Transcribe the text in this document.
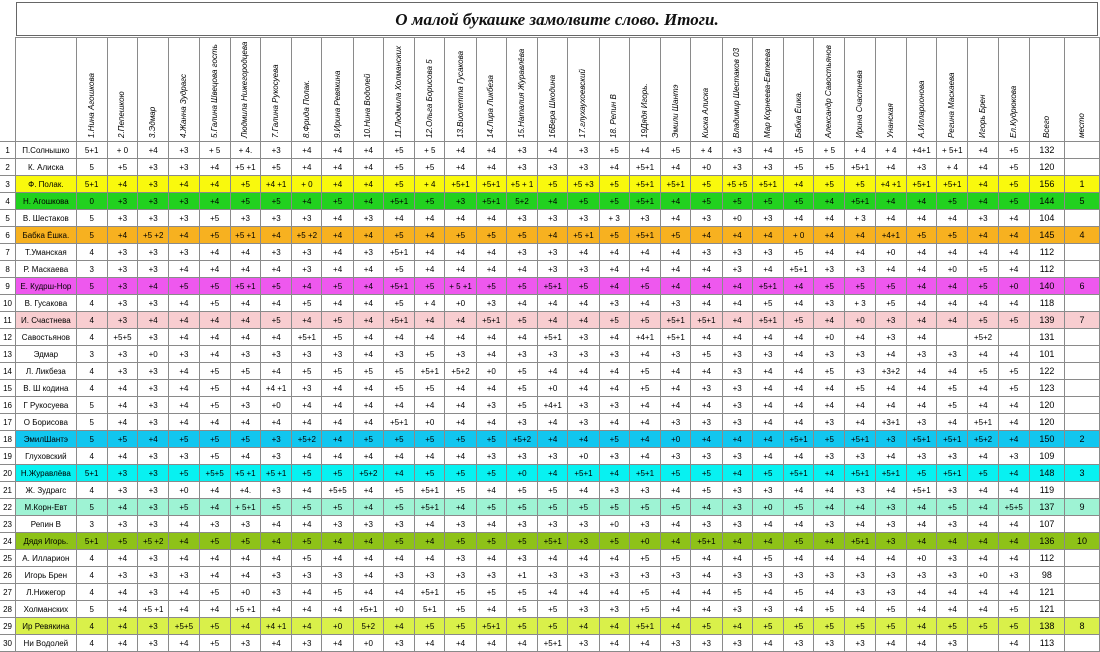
О малой букашке замолвите слово. Итоги.
		1.Нина Агошкова	2.Пепешкою	3.Эдмар	4.Жанна Зудрагс	5.Галина Швецова гость	Людмила Нижегородцева	7.Галина Рукосуева	8.Фрида Полак.	9.Ирина Ревякина	10.Нина Водолей	11.Людмила Холманских	12.Ольга Борисова 5	13.Виолетта Гусакова	14.Лира Ликбеза	15.Наталия Журавлёва	16Вера Шкодина	17.глухаухоевский	18. Репин В	19Дядя Игорь.	Эмили Шантэ	Киска Алиска	Владимир Шестаков 03	Мар Корнеева-Евтеева	Бабка Ёшка.	Александр Савостьянов	Ирина Счастнева	Унанская	А.Илларионова	Регина Маскаева	Игорь Брен	Ел.Кудрюкова	Всего	место
1	П.Солнышко	5+1	+ 0	+4	+3	+ 5	+ 4.	+3	+4	+4	+4	+5	+ 5	+4	+4	+3	+4	+3	+5	+4	+5	+ 4	+3	+4	+5	+ 5	+ 4	+ 4	+4+1	+ 5+1	+4	+5	132	
2	К. Алиска	5	+5	+3	+3	+4	+5 +1	+5	+4	+4	+4	+5	+5	+4	+4	+3	+3	+3	+4	+5+1	+4	+0	+3	+3	+5	+5	+5+1	+4	+3	+ 4	+4	+5	120	
3	Ф. Полак.	5+1	+4	+3	+4	+4	+5	+4 +1	+ 0	+4	+4	+5	+ 4	+5+1	+5+1	+5 + 1	+5	+5 +3	+5	+5+1	+5+1	+5	+5 +5	+5+1	+4	+5	+5	+4 +1	+5+1	+5+1	+4	+5	156	1
4	Н. Агошкова	0	+3	+3	+3	+4	+5	+5	+4	+5	+4	+5+1	+5	+3	+5+1	5+2	+4	+5	+5	+5+1	+4	+5	+5	+5	+5	+4	+5+1	+4	+4	+5	+4	+5	144	5
5	В. Шестаков	5	+3	+3	+3	+5	+3	+3	+3	+4	+3	+4	+4	+4	+4	+3	+3	+3	+ 3	+3	+4	+3	+0	+3	+4	+4	+ 3	+4	+4	+4	+3	+4	104	
6	Бабка Ёшка.	5	+4	+5 +2	+4	+5	+5 +1	+4	+5 +2	+4	+4	+5	+4	+5	+5	+5	+4	+5 +1	+5	+5+1	+5	+4	+4	+4	+ 0	+4	+4	+4+1	+5	+5	+4	+4	145	4
7	Т.Уманская	4	+3	+3	+3	+4	+4	+3	+3	+4	+3	+5+1	+4	+4	+4	+3	+3	+4	+4	+4	+4	+3	+3	+3	+5	+4	+4	+0	+4	+4	+4	+4	112	
8	Р. Маскаева	3	+3	+3	+4	+4	+4	+4	+3	+4	+4	+5	+4	+4	+4	+4	+3	+3	+4	+4	+4	+4	+3	+4	+5+1	+3	+3	+4	+4	+0	+5	+4	112	
9	Е. Кудрш-Нор	5	+3	+4	+5	+5	+5 +1	+5	+4	+5	+4	+5+1	+5	+ 5 +1	+5	+5	+5+1	+5	+4	+5	+4	+4	+4	+5+1	+4	+5	+5	+5	+4	+4	+5	+0	140	6
10	В. Гусакова	4	+3	+3	+4	+5	+4	+4	+5	+4	+4	+5	+ 4	+0	+3	+4	+4	+4	+3	+4	+3	+4	+4	+5	+4	+3	+ 3	+5	+4	+4	+4	+4	118	
11	И. Счастнева	4	+3	+4	+4	+4	+4	+5	+4	+5	+4	+5+1	+4	+4	+5+1	+5	+4	+4	+5	+5	+5+1	+5+1	+4	+5+1	+5	+4	+0	+3	+4	+4	+5	+5	139	7
12	Савостьянов	4	+5+5	+3	+4	+4	+4	+4	+5+1	+5	+4	+4	+4	+4	+4	+4	+5+1	+3	+4	+4+1	+5+1	+4	+4	+4	+4	+0	+4	+3	+4		+5+2		131	
13	Эдмар	3	+3	+0	+3	+4	+3	+3	+3	+3	+4	+3	+5	+3	+4	+3	+3	+3	+3	+4	+3	+5	+3	+3	+4	+3	+3	+4	+3	+3	+4	+4	101	
14	Л. Ликбеза	4	+3	+3	+4	+5	+5	+4	+5	+5	+5	+5	+5+1	+5+2	+0	+5	+4	+4	+4	+5	+4	+4	+3	+4	+4	+5	+3	+3+2	+4	+4	+5	+5	122	
15	В. Ш кодина	4	+4	+3	+4	+5	+4	+4 +1	+3	+4	+4	+5	+5	+4	+4	+5	+0	+4	+4	+5	+4	+3	+3	+4	+4	+4	+5	+4	+4	+5	+4	+5	123	
16	Г Рукосуева	5	+4	+3	+4	+5	+3	+0	+4	+4	+4	+4	+4	+4	+3	+5	+4+1	+3	+3	+4	+4	+4	+3	+4	+4	+4	+4	+4	+4	+5	+4	+4	120	
17	О Борисова	5	+4	+3	+4	+4	+4	+4	+4	+4	+4	+5+1	+0	+4	+4	+3	+4	+3	+4	+4	+3	+3	+3	+4	+4	+3	+4	+3+1	+3	+4	+5+1	+4	120	
18	ЭмилШантэ	5	+5	+4	+5	+5	+5	+3	+5+2	+4	+5	+5	+5	+5	+5	+5+2	+4	+4	+5	+4	+0	+4	+4	+4	+5+1	+5	+5+1	+3	+5+1	+5+1	+5+2	+4	150	2
19	Глуховский	4	+4	+3	+3	+5	+4	+3	+4	+4	+4	+4	+4	+4	+3	+3	+3	+0	+3	+4	+3	+3	+3	+4	+4	+3	+3	+4	+3	+3	+4	+3	109	
20	Н.Журавлёва	5+1	+3	+3	+5	+5+5	+5 +1	+5 +1	+5	+5	+5+2	+4	+5	+5	+5	+0	+4	+5+1	+4	+5+1	+5	+5	+4	+5	+5+1	+4	+5+1	+5+1	+5	+5+1	+5	+4	148	3
21	Ж. Зудрагс	4	+3	+3	+0	+4	+4.	+3	+4	+5+5	+4	+5	+5+1	+5	+4	+5	+5	+4	+3	+3	+4	+5	+3	+3	+4	+4	+3	+4	+5+1	+3	+4	+4	119	
22	М.Корн-Евт	5	+4	+3	+5	+4	+ 5+1	+5	+5	+5	+4	+5	+5+1	+4	+5	+5	+5	+5	+5	+5	+5	+4	+3	+0	+5	+4	+4	+3	+4	+5	+4	+5+5	137	9
23	Репин В	3	+3	+3	+4	+3	+3	+4	+4	+3	+3	+3	+4	+3	+4	+3	+3	+3	+0	+3	+4	+3	+3	+4	+4	+3	+4	+3	+4	+3	+4	+4	107	
24	Дядя Игорь.	5+1	+5	+5 +2	+4	+5	+5	+4	+5	+4	+4	+5	+4	+5	+5	+5	+5+1	+3	+5	+0	+4	+5+1	+4	+4	+5	+4	+5+1	+3	+4	+4	+4	+4	136	10
25	А. Илларион	4	+4	+3	+4	+4	+4	+4	+5	+4	+4	+4	+4	+3	+4	+3	+4	+4	+4	+5	+5	+4	+4	+5	+4	+4	+4	+4	+0	+3	+4	+4	112	
26	Игорь Брен	4	+3	+3	+3	+4	+4	+3	+3	+3	+4	+3	+3	+3	+3	+1	+3	+3	+3	+3	+3	+4	+3	+3	+3	+3	+3	+3	+3	+3	+0	+3	98	
27	Л.Нижегор	4	+4	+3	+4	+5	+0	+3	+4	+5	+4	+4	+5+1	+5	+5	+5	+4	+4	+4	+5	+4	+4	+5	+4	+5	+4	+3	+3	+4	+4	+4	+4	121	
28	Холманских	5	+4	+5 +1	+4	+4	+5 +1	+4	+4	+4	+5+1	+0	5+1	+5	+4	+5	+5	+3	+3	+5	+4	+4	+3	+3	+4	+5	+4	+5	+4	+4	+4	+5	121	
29	Ир Ревякина	4	+4	+3	+5+5	+5	+4	+4 +1	+4	+0	5+2	+4	+5	+5	+5+1	+5	+5	+4	+4	+5+1	+4	+5	+4	+5	+5	+5	+5	+5	+4	+5	+5	+5	138	8
30	Ни Водолей	4	+4	+3	+4	+5	+3	+4	+3	+4	+0	+3	+4	+4	+4	+4	+5+1	+3	+4	+4	+3	+3	+3	+4	+3	+3	+3	+4	+4	+3		+4	113	
